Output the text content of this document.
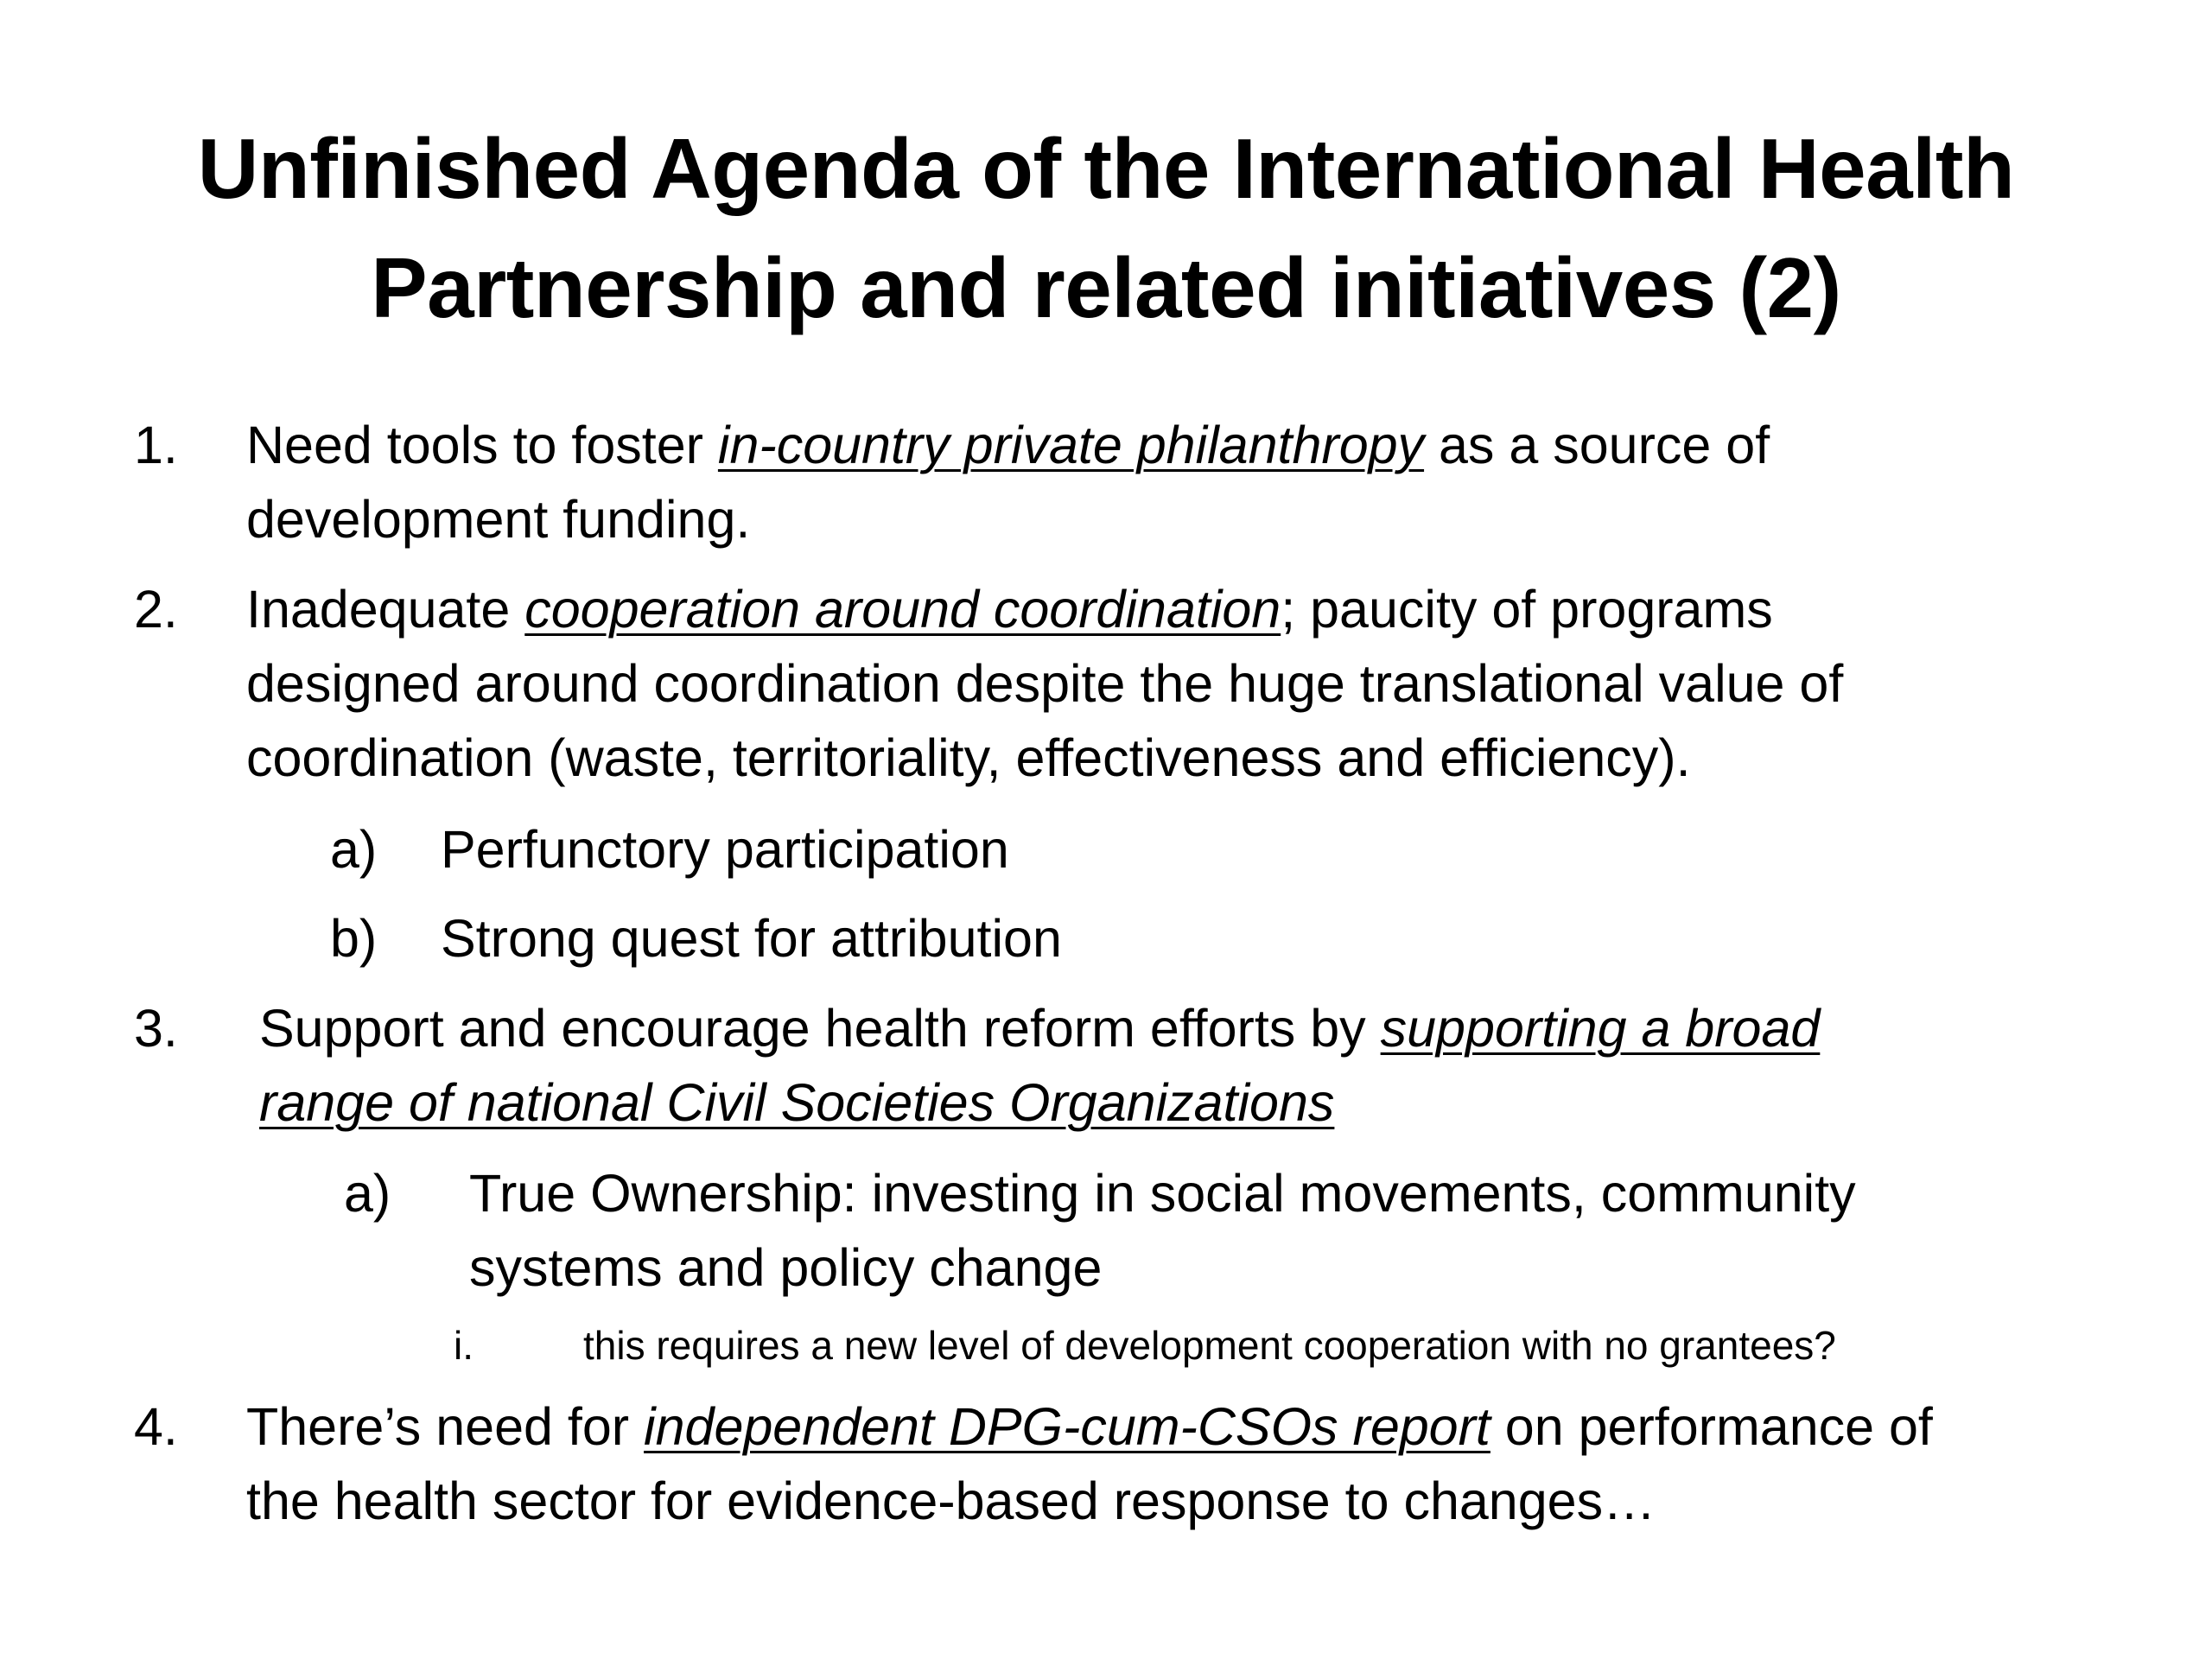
Unfinished Agenda of the International Health
Partnership and related initiatives (2)
1. Need tools to foster in-country private philanthropy as a source of
development funding.
2. Inadequate cooperation around coordination; paucity of programs
designed around coordination despite the huge translational value of
coordination (waste, territoriality, effectiveness and efficiency).
a) Perfunctory participation
b) Strong quest for attribution
3. Support and encourage health reform efforts by supporting a broad
range of national Civil Societies Organizations
a) True Ownership: investing in social movements, community
systems and policy change
i.	this requires a new level of development cooperation with no grantees?
4. There’s need for independent DPG-cum-CSOs report on performance of
the health sector for evidence-based response to changes…
